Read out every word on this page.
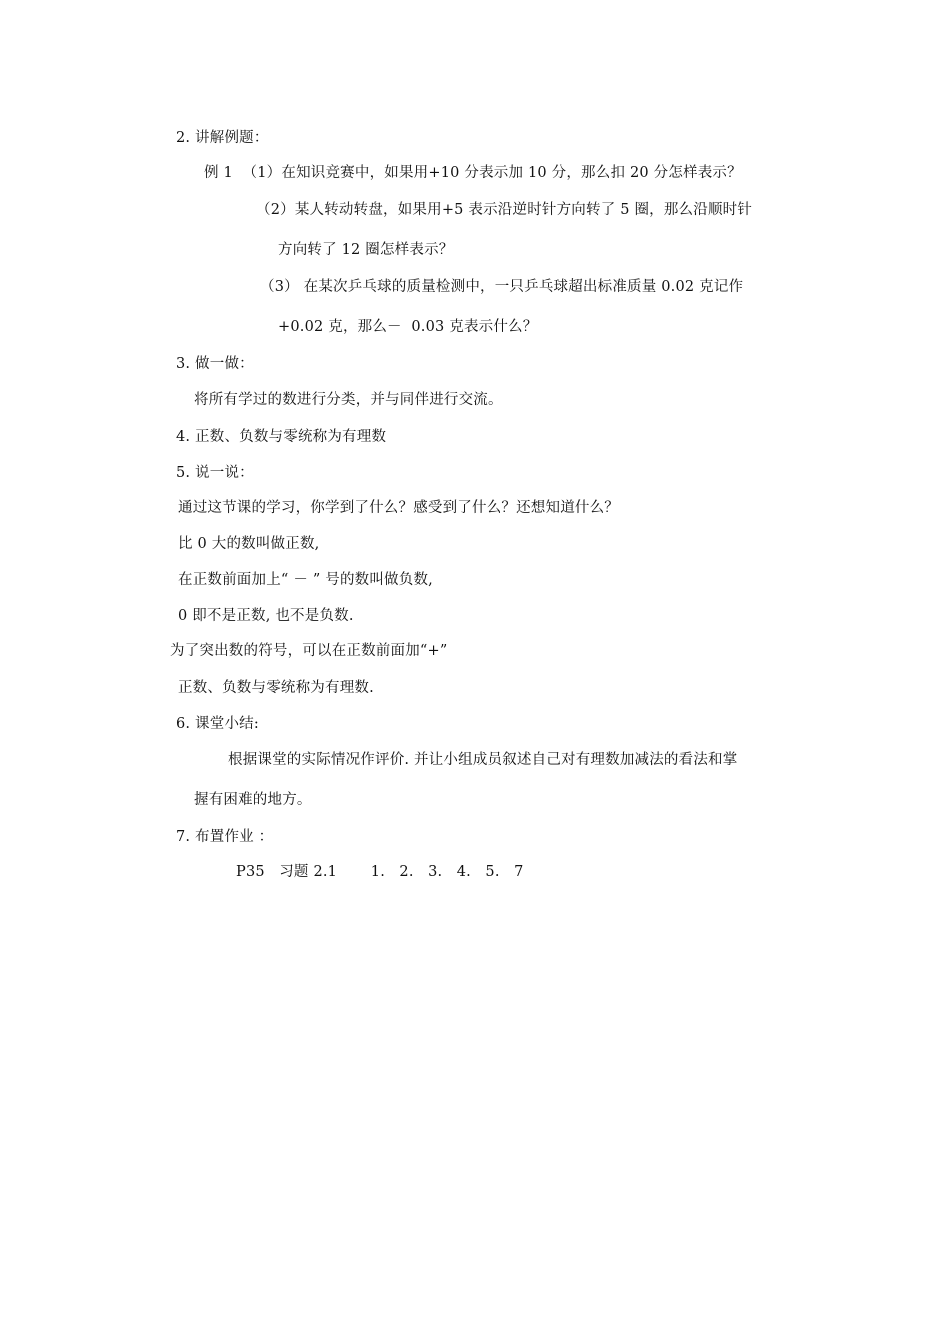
2. 讲解例题：
例 1  （1）在知识竞赛中，如果用+10 分表示加 10 分，那么扣 20 分怎样表示？
（2）某人转动转盘，如果用+5 表示沿逆时针方向转了 5 圈，那么沿顺时针
方向转了 12 圈怎样表示？
（3） 在某次乒乓球的质量检测中，一只乒乓球超出标准质量 0.02 克记作
+0.02 克，那么－  0.03 克表示什么？
3. 做一做：
将所有学过的数进行分类，并与同伴进行交流。
4. 正数、负数与零统称为有理数
5. 说一说：
通过这节课的学习，你学到了什么？感受到了什么？还想知道什么？
比 0 大的数叫做正数,
在正数前面加上“ － ” 号的数叫做负数,
0 即不是正数, 也不是负数.
为了突出数的符号，可以在正数前面加“+”
正数、负数与零统称为有理数.
6. 课堂小结:
根据课堂的实际情况作评价. 并让小组成员叙述自己对有理数加减法的看法和掌
握有困难的地方。
7. 布置作业 ：
P35   习题 2.1       1.   2.   3.   4.   5.   7
